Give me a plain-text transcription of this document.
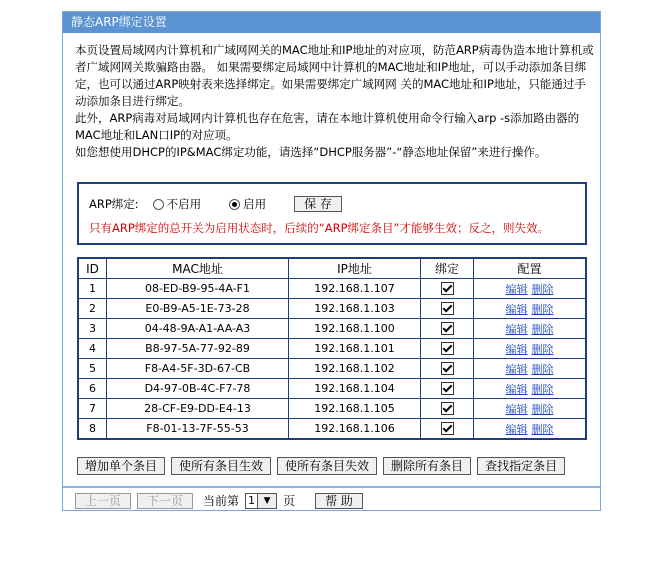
静态ARP绑定设置

本页设置局域网内计算机和广域网网关的MAC地址和IP地址的对应项，防范ARP病毒伪造本地计算机或者广域网网关欺骗路由器。 如果需要绑定局域网中计算机的MAC地址和IP地址，可以手动添加条目绑定，也可以通过ARP映射表来选择绑定。如果需要绑定广域网网 关的MAC地址和IP地址，只能通过手动添加条目进行绑定。

此外，ARP病毒对局域网内计算机也存在危害，请在本地计算机使用命令行输入arp -s添加路由器的MAC地址和LAN口IP的对应项。

如您想使用DHCP的IP&MAC绑定功能，请选择“DHCP服务器”-“静态地址保留”来进行操作。

ARP绑定: 不启用	启用	保 存
只有ARP绑定的总开关为启用状态时，后续的“ARP绑定条目”才能够生效；反之，则失效。
ID	MAC地址	IP地址	绑定	配置
1	08-ED-B9-95-4A-F1	192.168.1.107		编辑 删除
2	E0-B9-A5-1E-73-28	192.168.1.103		编辑 删除
3	04-48-9A-A1-AA-A3	192.168.1.100		编辑 删除
4	B8-97-5A-77-92-89	192.168.1.101		编辑 删除
5	F8-A4-5F-3D-67-CB	192.168.1.102		编辑 删除
6	D4-97-0B-4C-F7-78	192.168.1.104		编辑 删除
7	28-CF-E9-DD-E4-13	192.168.1.105		编辑 删除
8	F8-01-13-7F-55-53	192.168.1.106		编辑 删除
增加单个条目	使所有条目生效	使所有条目失效	删除所有条目	查找指定条目
上一页	下一页	当前第 1 ▼	页	帮 助
